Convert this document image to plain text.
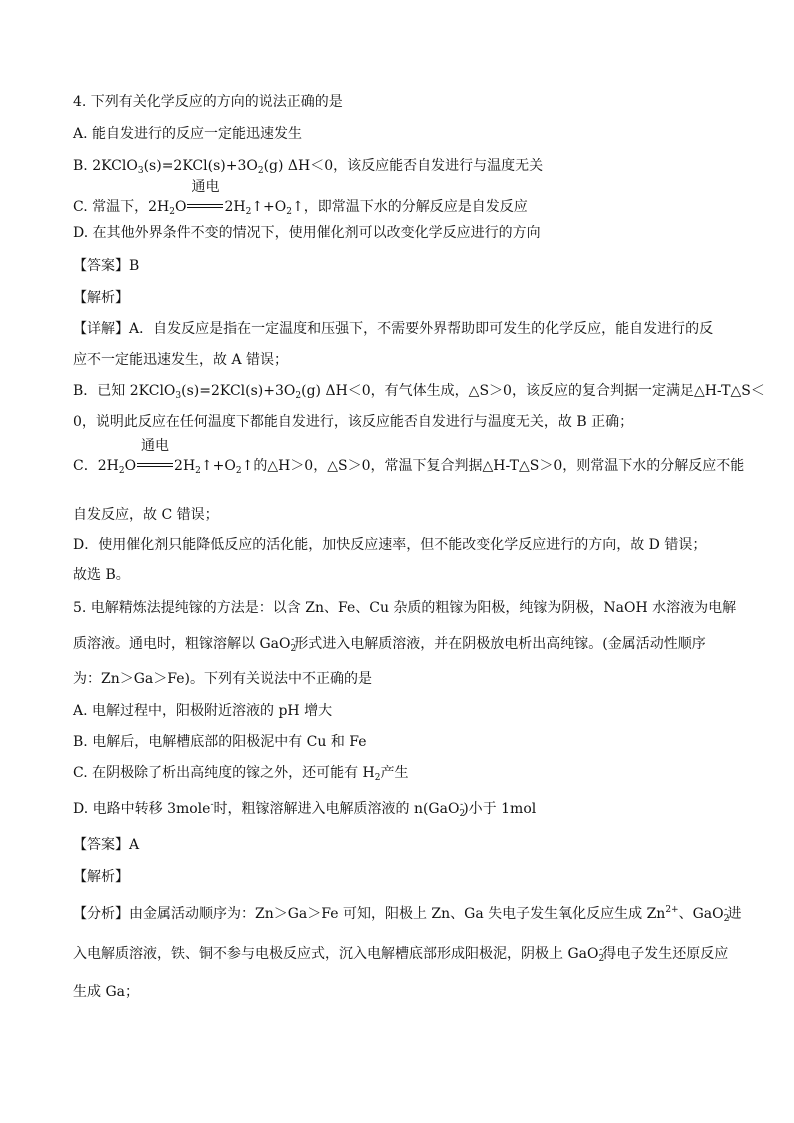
4. 下列有关化学反应的方向的说法正确的是
A. 能自发进行的反应一定能迅速发生
B. $2KClO_3(s)=2KCl(s)+3O_2(g)$ ΔH＜0，该反应能否自发进行与温度无关
C. 常温下，$2H_2O$
通电
$2H_2↑+O_2↑$，即常温下水的分解反应是自发反应
D. 在其他外界条件不变的情况下，使用催化剂可以改变化学反应进行的方向
【答案】B
【解析】
【详解】A．自发反应是指在一定温度和压强下，不需要外界帮助即可发生的化学反应，能自发进行的反
应不一定能迅速发生，故 A 错误；
B．已知 $2KClO_3(s)=2KCl(s)+3O_2(g)$ ΔH＜0，有气体生成，△S＞0，该反应的复合判据一定满足△H-T△S＜
0，说明此反应在任何温度下都能自发进行，该反应能否自发进行与温度无关，故 B 正确；
C．$2H_2O$
通电
$2H_2↑+O_2↑$的△H＞0，△S＞0，常温下复合判据△H-T△S＞0，则常温下水的分解反应不能
自发反应，故 C 错误；
D．使用催化剂只能降低反应的活化能，加快反应速率，但不能改变化学反应进行的方向，故 D 错误；
故选 B。
5. 电解精炼法提纯镓的方法是：以含 Zn、Fe、Cu 杂质的粗镓为阳极，纯镓为阴极，NaOH 水溶液为电解
质溶液。通电时，粗镓溶解以 GaO$_2$-形式进入电解质溶液，并在阴极放电析出高纯镓。(金属活动性顺序
为：Zn＞Ga＞Fe)。下列有关说法中不正确的是
A. 电解过程中，阳极附近溶液的 pH 增大
B. 电解后，电解槽底部的阳极泥中有 Cu 和 Fe
C. 在阴极除了析出高纯度的镓之外，还可能有 $H_2$产生
D. 电路中转移 3mole-时，粗镓溶解进入电解质溶液的 n(GaO$_2$-)小于 1mol
【答案】A
【解析】
【分析】由金属活动顺序为：Zn＞Ga＞Fe 可知，阳极上 Zn、Ga 失电子发生氧化反应生成 $Zn^{2+}$、GaO$_2$-进
入电解质溶液，铁、铜不参与电极反应式，沉入电解槽底部形成阳极泥，阴极上 GaO$_2$-得电子发生还原反应
生成 Ga；
